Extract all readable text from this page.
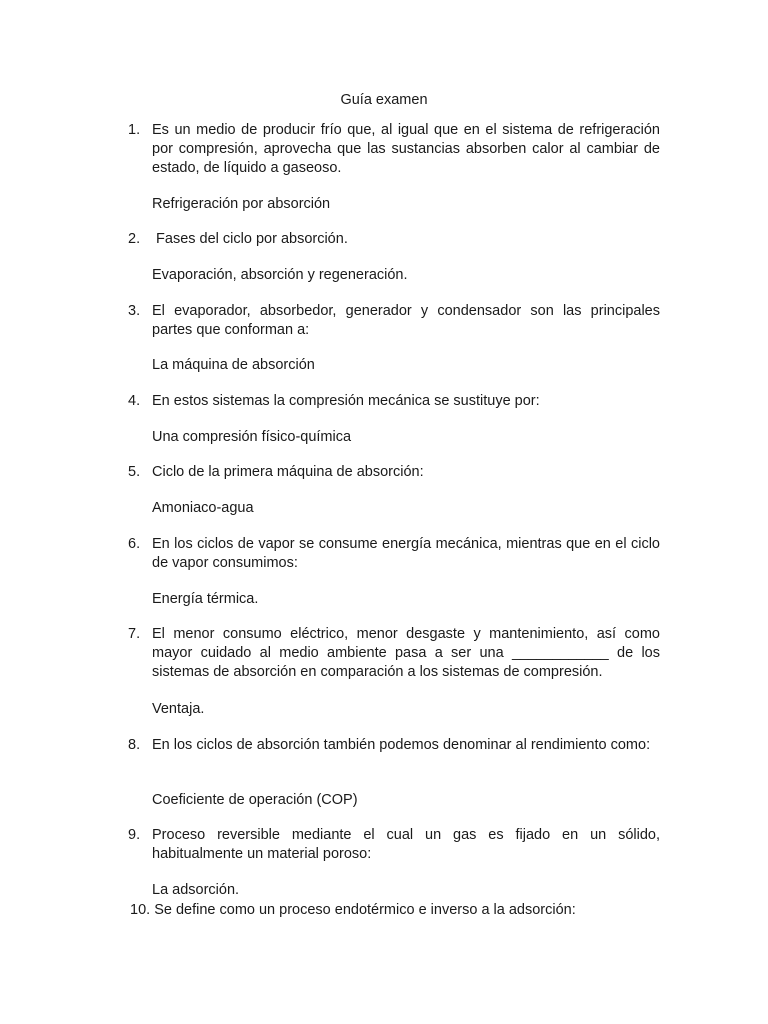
Guía examen
1. Es un medio de producir frío que, al igual que en el sistema de refrigeración por compresión, aprovecha que las sustancias absorben calor al cambiar de estado, de líquido a gaseoso.
Refrigeración por absorción
2. Fases del ciclo por absorción.
Evaporación, absorción y regeneración.
3. El evaporador, absorbedor, generador y condensador son las principales partes que conforman a:
La máquina de absorción
4. En estos sistemas la compresión mecánica se sustituye por:
Una compresión físico-química
5. Ciclo de la primera máquina de absorción:
Amoniaco-agua
6. En los ciclos de vapor se consume energía mecánica, mientras que en el ciclo de vapor consumimos:
Energía térmica.
7. El menor consumo eléctrico, menor desgaste y mantenimiento, así como mayor cuidado al medio ambiente pasa a ser una ____________ de los sistemas de absorción en comparación a los sistemas de compresión.
Ventaja.
8. En los ciclos de absorción también podemos denominar al rendimiento como:
Coeficiente de operación (COP)
9. Proceso reversible mediante el cual un gas es fijado en un sólido, habitualmente un material poroso:
La adsorción.
10. Se define como un proceso endotérmico e inverso a la adsorción:
